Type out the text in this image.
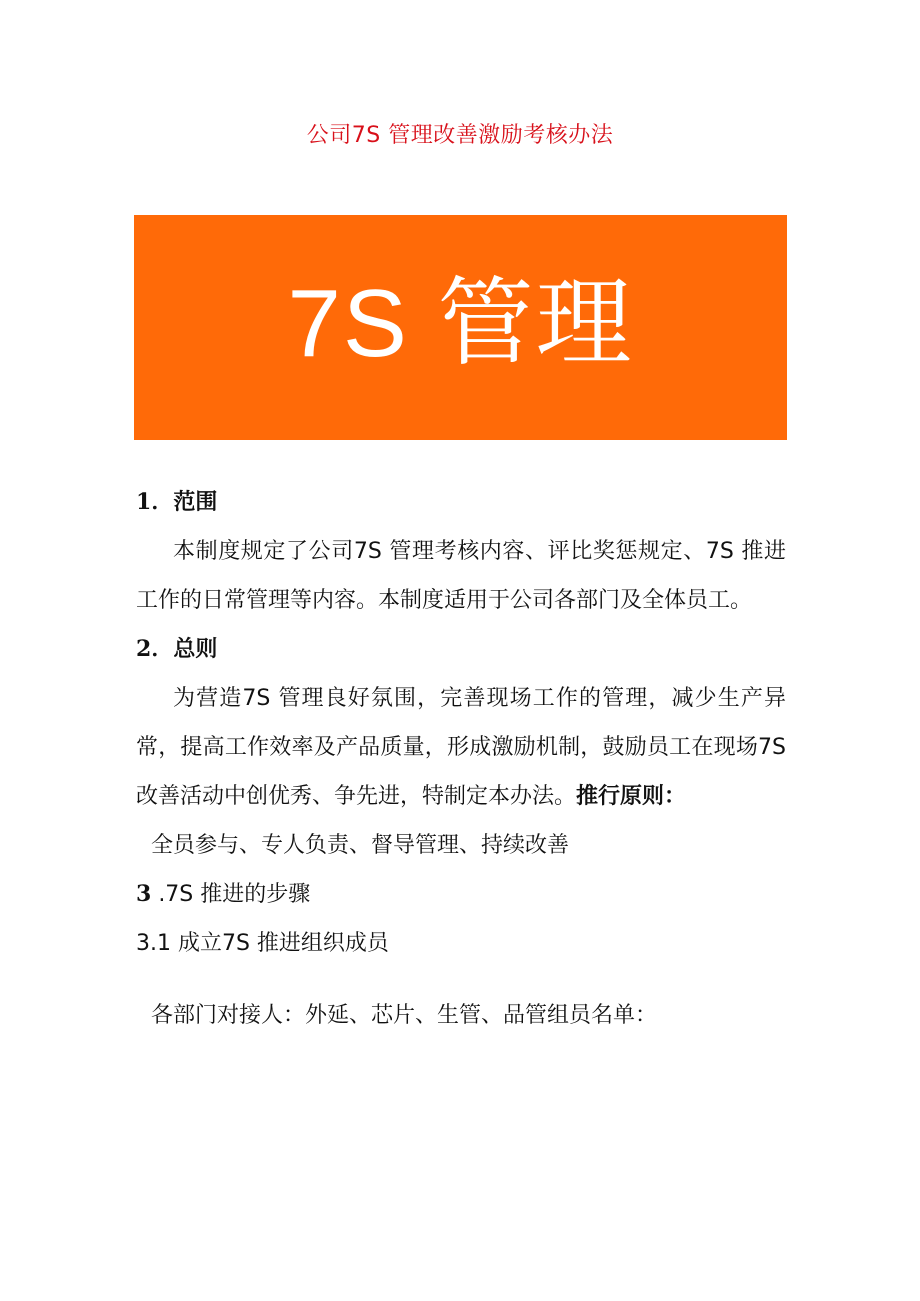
公司7S 管理改善激励考核办法
7S 管理

1．范围

本制度规定了公司7S 管理考核内容、评比奖惩规定、7S 推进工作的日常管理等内容。本制度适用于公司各部门及全体员工。

2．总则

为营造7S 管理良好氛围，完善现场工作的管理，减少生产异常，提高工作效率及产品质量，形成激励机制，鼓励员工在现场7S 改善活动中创优秀、争先进，特制定本办法。推行原则：

全员参与、专人负责、督导管理、持续改善

3 .7S 推进的步骤

3.1 成立7S 推进组织成员

各部门对接人：外延、芯片、生管、品管组员名单：
